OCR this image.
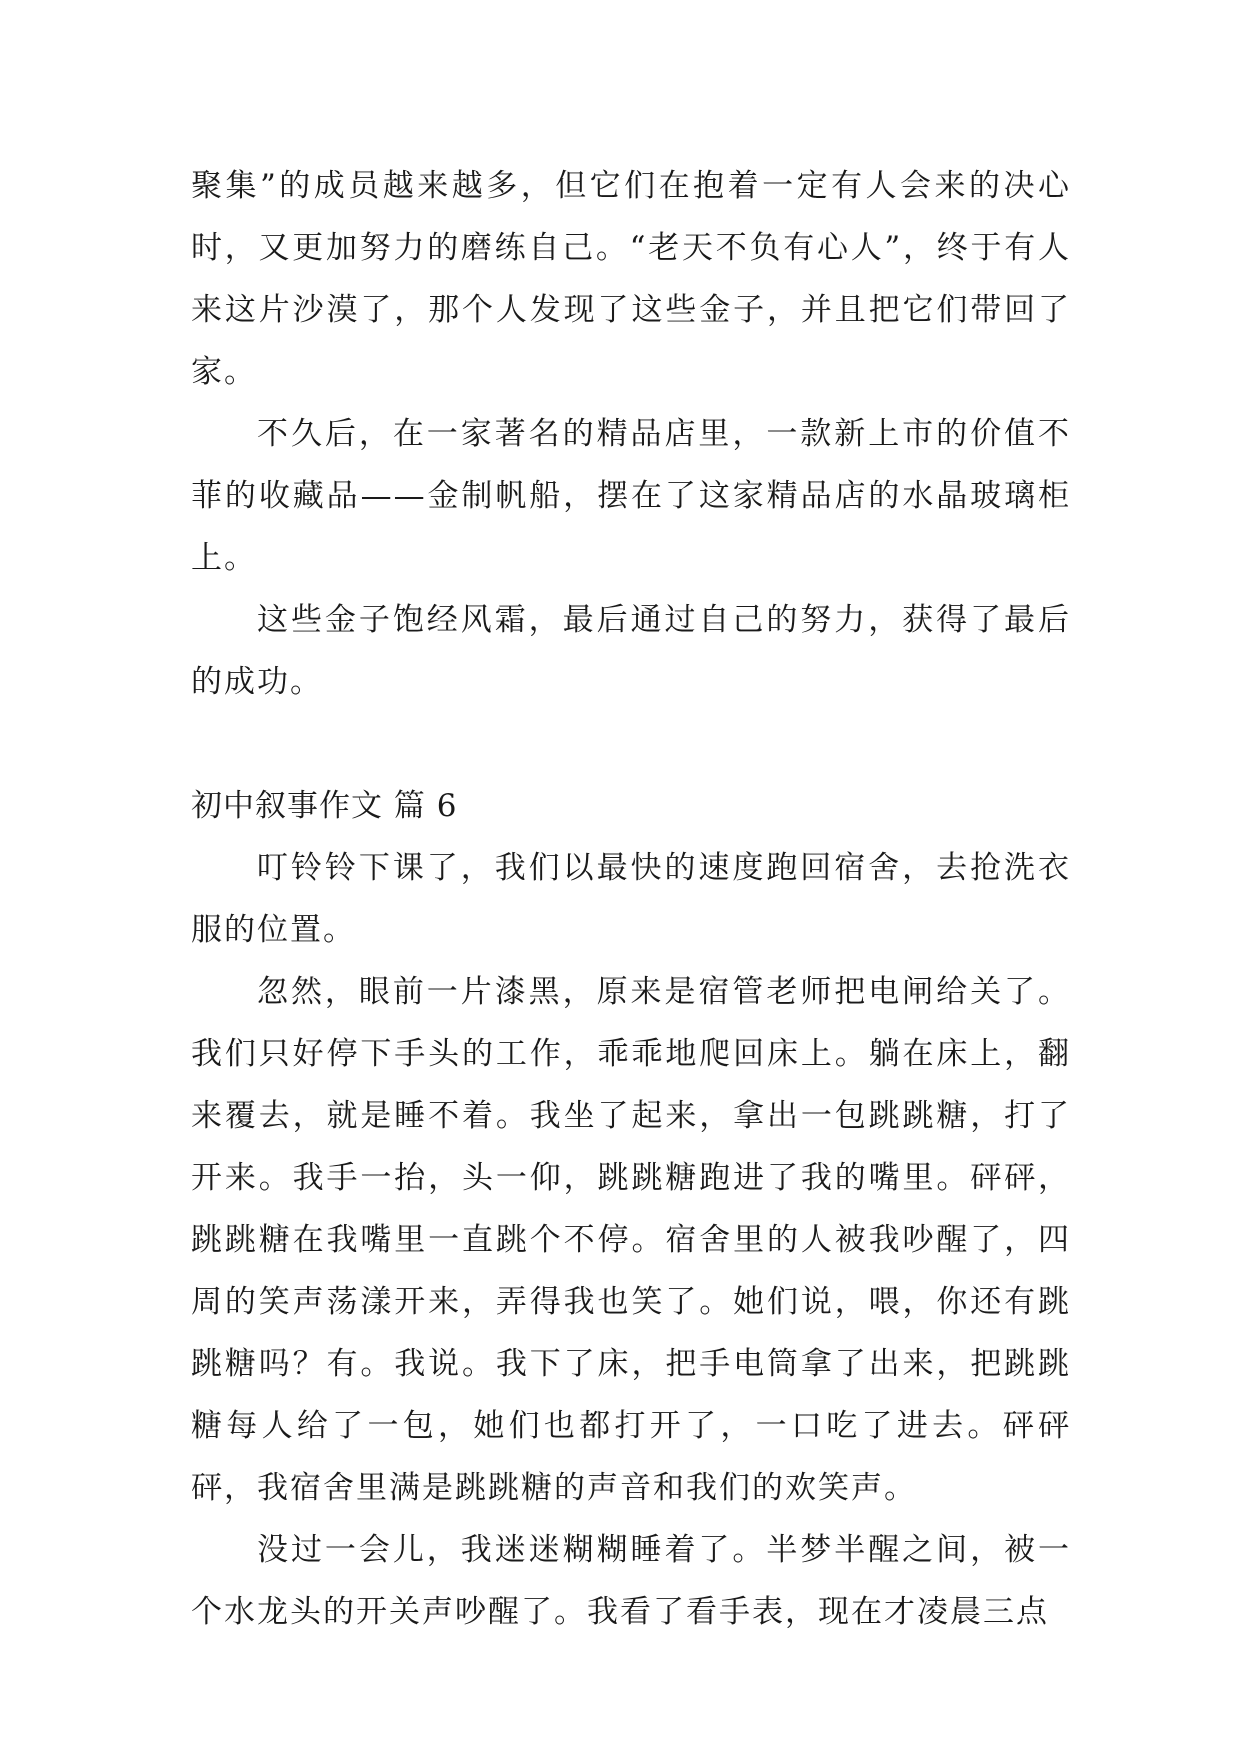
聚集”的成员越来越多，但它们在抱着一定有人会来的决心时，又更加努力的磨练自己。“老天不负有心人”，终于有人来这片沙漠了，那个人发现了这些金子，并且把它们带回了家。

不久后，在一家著名的精品店里，一款新上市的价值不菲的收藏品——金制帆船，摆在了这家精品店的水晶玻璃柜上。

这些金子饱经风霜，最后通过自己的努力，获得了最后的成功。

初中叙事作文 篇 6

叮铃铃下课了，我们以最快的速度跑回宿舍，去抢洗衣服的位置。

忽然，眼前一片漆黑，原来是宿管老师把电闸给关了。我们只好停下手头的工作，乖乖地爬回床上。躺在床上，翻来覆去，就是睡不着。我坐了起来，拿出一包跳跳糖，打了开来。我手一抬，头一仰，跳跳糖跑进了我的嘴里。砰砰，跳跳糖在我嘴里一直跳个不停。宿舍里的人被我吵醒了，四周的笑声荡漾开来，弄得我也笑了。她们说，喂，你还有跳跳糖吗？有。我说。我下了床，把手电筒拿了出来，把跳跳糖每人给了一包，她们也都打开了，一口吃了进去。砰砰砰，我宿舍里满是跳跳糖的声音和我们的欢笑声。

没过一会儿，我迷迷糊糊睡着了。半梦半醒之间，被一个水龙头的开关声吵醒了。我看了看手表，现在才凌晨三点
